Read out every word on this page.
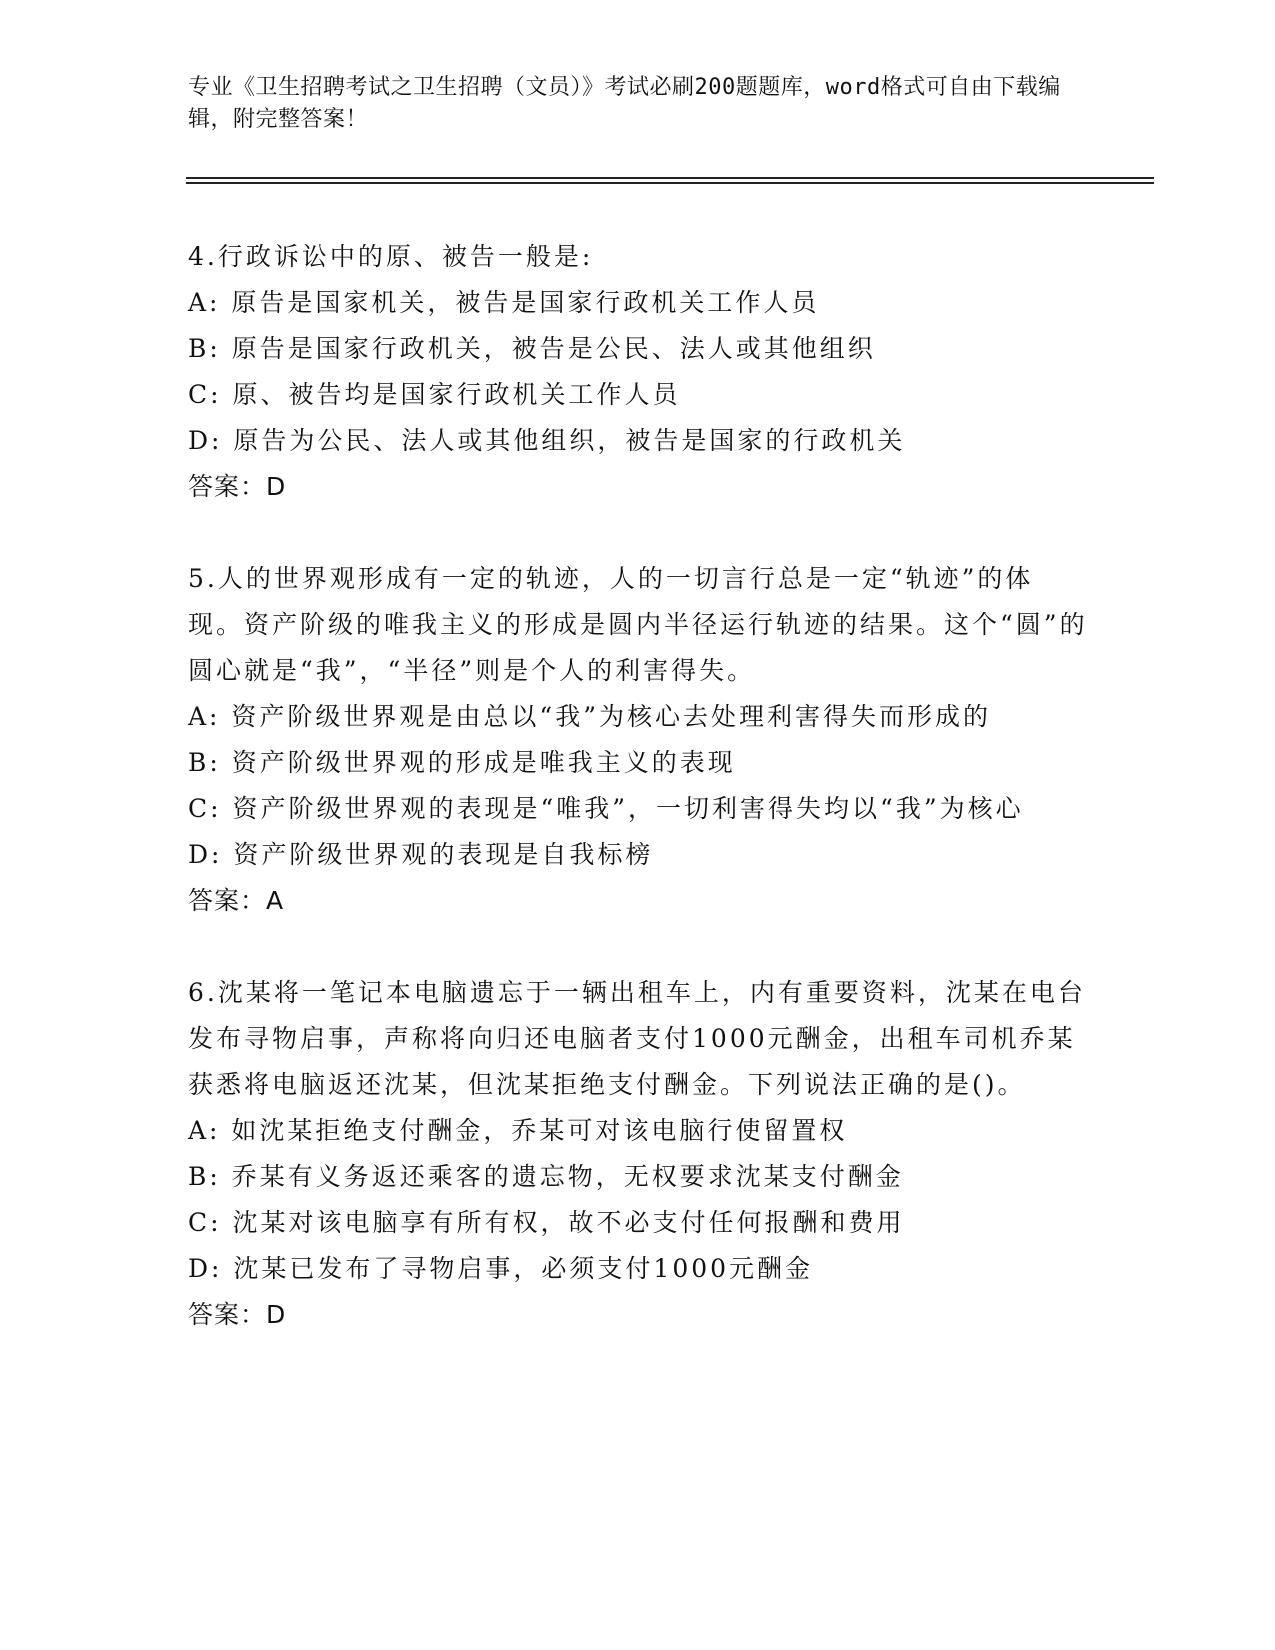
专业《卫生招聘考试之卫生招聘（文员）》考试必刷200题题库，word格式可自由下载编辑，附完整答案！

4.行政诉讼中的原、被告一般是:

A: 原告是国家机关，被告是国家行政机关工作人员

B: 原告是国家行政机关，被告是公民、法人或其他组织

C: 原、被告均是国家行政机关工作人员

D: 原告为公民、法人或其他组织，被告是国家的行政机关

答案：D

5.人的世界观形成有一定的轨迹，人的一切言行总是一定“轨迹”的体现。资产阶级的唯我主义的形成是圆内半径运行轨迹的结果。这个“圆”的圆心就是“我”，“半径”则是个人的利害得失。

A: 资产阶级世界观是由总以“我”为核心去处理利害得失而形成的

B: 资产阶级世界观的形成是唯我主义的表现

C: 资产阶级世界观的表现是“唯我”，一切利害得失均以“我”为核心

D: 资产阶级世界观的表现是自我标榜

答案：A

6.沈某将一笔记本电脑遗忘于一辆出租车上，内有重要资料，沈某在电台发布寻物启事，声称将向归还电脑者支付1000元酬金，出租车司机乔某获悉将电脑返还沈某，但沈某拒绝支付酬金。下列说法正确的是()。

A: 如沈某拒绝支付酬金，乔某可对该电脑行使留置权

B: 乔某有义务返还乘客的遗忘物，无权要求沈某支付酬金

C: 沈某对该电脑享有所有权，故不必支付任何报酬和费用

D: 沈某已发布了寻物启事，必须支付1000元酬金

答案：D
